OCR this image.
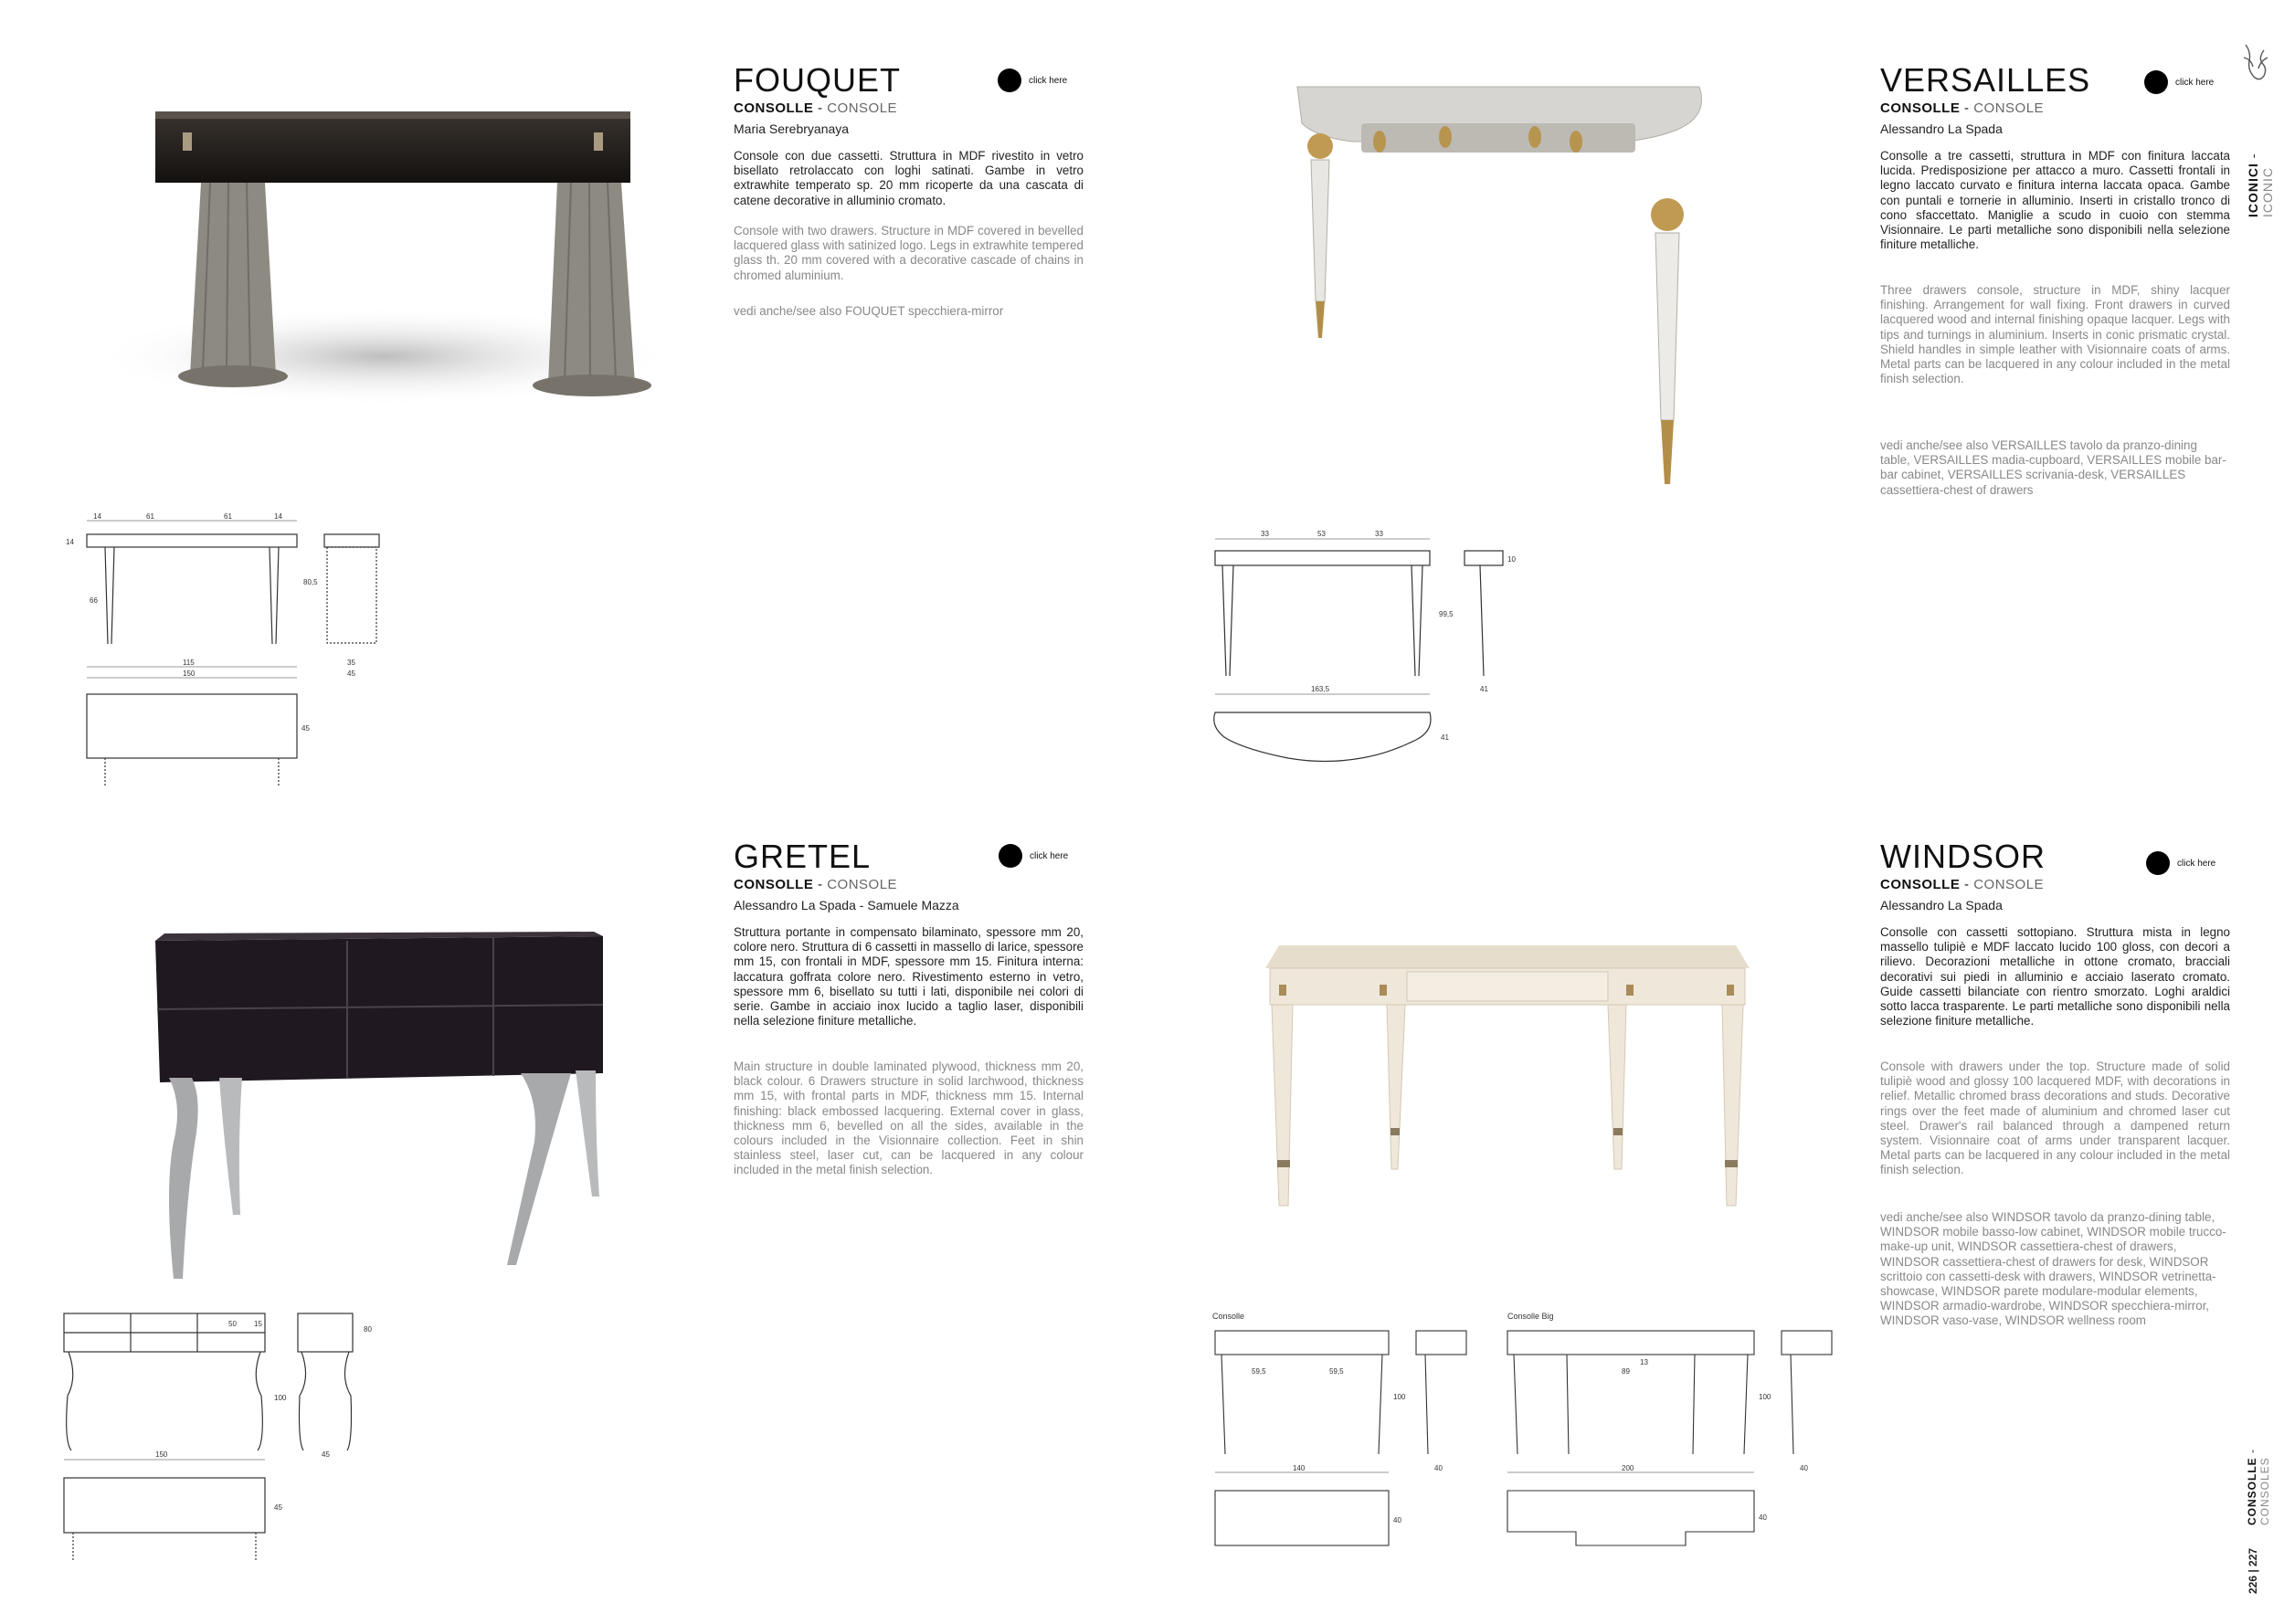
FOUQUET	click here
CONSOLLE - CONSOLE
Maria Serebryanaya
Console con due cassetti. Struttura in MDF rivestito in vetro bisellato retrolaccato con loghi satinati. Gambe in vetro extrawhite temperato sp. 20 mm ricoperte da una cascata di catene decorative in alluminio cromato.
Console with two drawers. Structure in MDF covered in bevelled lacquered glass with satinized logo. Legs in extrawhite tempered glass th. 20 mm covered with a decorative cascade of chains in chromed aluminium.
vedi anche/see also FOUQUET specchiera-mirror
14	61	61	14
14
66
115
150
80,5
35
45
45
VERSAILLES	click here
CONSOLLE - CONSOLE
Alessandro La Spada
Consolle a tre cassetti, struttura in MDF con finitura laccata lucida. Predisposizione per attacco a muro. Cassetti frontali in legno laccato curvato e finitura interna laccata opaca. Gambe con puntali e tornerie in alluminio. Inserti in cristallo tronco di cono sfaccettato. Maniglie a scudo in cuoio con stemma Visionnaire. Le parti metalliche sono disponibili nella selezione finiture metalliche.
Three drawers console, structure in MDF, shiny lacquer finishing. Arrangement for wall fixing. Front drawers in curved lacquered wood and internal finishing opaque lacquer. Legs with tips and turnings in aluminium. Inserts in conic prismatic crystal. Shield handles in simple leather with Visionnaire coats of arms. Metal parts can be lacquered in any colour included in the metal finish selection.
vedi anche/see also VERSAILLES tavolo da pranzo-dining table, VERSAILLES madia-cupboard, VERSAILLES mobile bar-bar cabinet, VERSAILLES scrivania-desk, VERSAILLES cassettiera-chest of drawers
33	53	33
99,5
163,5
10
41
41
GRETEL	click here
CONSOLLE - CONSOLE
Alessandro La Spada - Samuele Mazza
Struttura portante in compensato bilaminato, spessore mm 20, colore nero. Struttura di 6 cassetti in massello di larice, spessore mm 15, con frontali in MDF, spessore mm 15. Finitura interna: laccatura goffrata colore nero. Rivestimento esterno in vetro, spessore mm 6, bisellato su tutti i lati, disponibile nei colori di serie. Gambe in acciaio inox lucido a taglio laser, disponibili nella selezione finiture metalliche.
Main structure in double laminated plywood, thickness mm 20, black colour. 6 Drawers structure in solid larchwood, thickness mm 15, with frontal parts in MDF, thickness mm 15. Internal finishing: black embossed lacquering. External cover in glass, thickness mm 6, bevelled on all the sides, available in the colours included in the Visionnaire collection. Feet in shin stainless steel, laser cut, can be lacquered in any colour included in the metal finish selection.
50 15
100
150
80
45
45
WINDSOR	click here
CONSOLLE - CONSOLE
Alessandro La Spada
Consolle con cassetti sottopiano. Struttura mista in legno massello tulipiè e MDF laccato lucido 100 gloss, con decori a rilievo. Decorazioni metalliche in ottone cromato, bracciali decorativi sui piedi in alluminio e acciaio laserato cromato. Guide cassetti bilanciate con rientro smorzato. Loghi araldici sotto lacca trasparente. Le parti metalliche sono disponibili nella selezione finiture metalliche.
Console with drawers under the top. Structure made of solid tulipiè wood and glossy 100 lacquered MDF, with decorations in relief. Metallic chromed brass decorations and studs. Decorative rings over the feet made of aluminium and chromed laser cut steel. Drawer's rail balanced through a dampened return system. Visionnaire coat of arms under transparent lacquer. Metal parts can be lacquered in any colour included in the metal finish selection.
vedi anche/see also WINDSOR tavolo da pranzo-dining table, WINDSOR mobile basso-low cabinet, WINDSOR mobile trucco-make-up unit, WINDSOR cassettiera-chest of drawers, WINDSOR cassettiera-chest of drawers for desk, WINDSOR scrittoio con cassetti-desk with drawers, WINDSOR vetrinetta-showcase, WINDSOR parete modulare-modular elements, WINDSOR armadio-wardrobe, WINDSOR specchiera-mirror, WINDSOR vaso-vase, WINDSOR wellness room
Consolle	Consolle Big
59,5	59,5
100
140	40
40
89
13
100
200	40
40
ICONICI - ICONIC
CONSOLLE - CONSOLES
226 | 227
